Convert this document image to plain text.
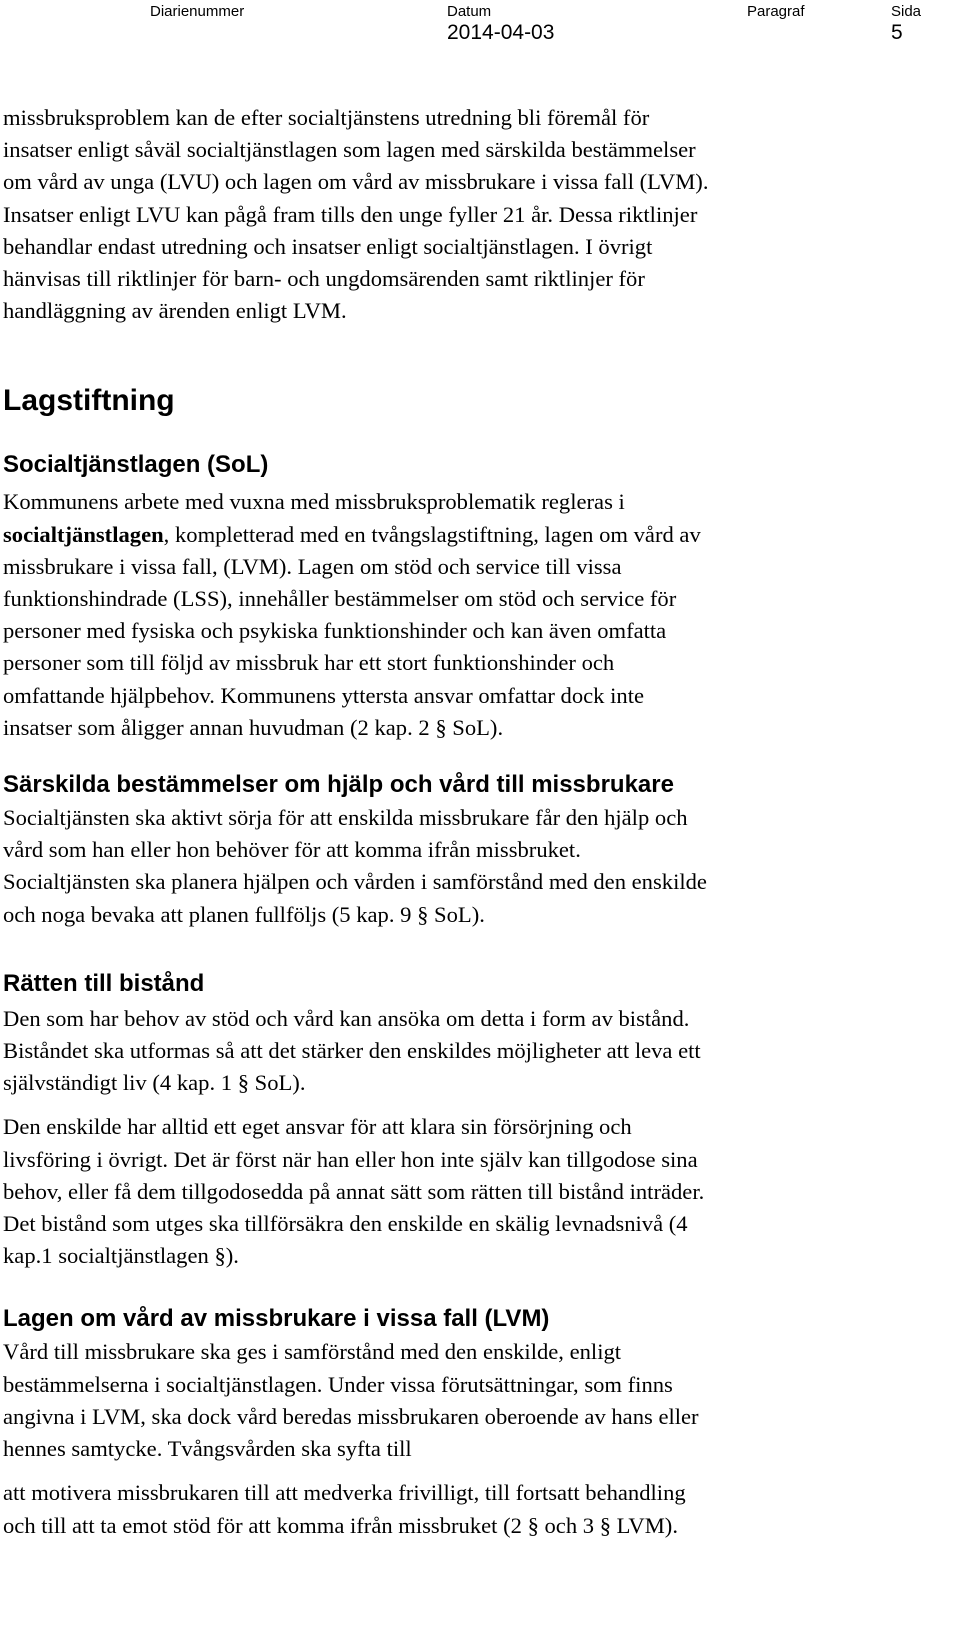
Diarienummer	Datum	Paragraf	Sida
2014-04-03	5

missbruksproblem kan de efter socialtjänstens utredning bli föremål för
insatser enligt såväl socialtjänstlagen som lagen med särskilda bestämmelser
om vård av unga (LVU) och lagen om vård av missbrukare i vissa fall (LVM).
Insatser enligt LVU kan pågå fram tills den unge fyller 21 år. Dessa riktlinjer
behandlar endast utredning och insatser enligt socialtjänstlagen. I övrigt
hänvisas till riktlinjer för barn- och ungdomsärenden samt riktlinjer för
handläggning av ärenden enligt LVM.

Lagstiftning
Socialtjänstlagen (SoL)

Kommunens arbete med vuxna med missbruksproblematik regleras i
socialtjänstlagen, kompletterad med en tvångslagstiftning, lagen om vård av
missbrukare i vissa fall, (LVM). Lagen om stöd och service till vissa
funktionshindrade (LSS), innehåller bestämmelser om stöd och service för
personer med fysiska och psykiska funktionshinder och kan även omfatta
personer som till följd av missbruk har ett stort funktionshinder och
omfattande hjälpbehov. Kommunens yttersta ansvar omfattar dock inte
insatser som åligger annan huvudman (2 kap. 2 § SoL).

Särskilda bestämmelser om hjälp och vård till missbrukare

Socialtjänsten ska aktivt sörja för att enskilda missbrukare får den hjälp och
vård som han eller hon behöver för att komma ifrån missbruket.
Socialtjänsten ska planera hjälpen och vården i samförstånd med den enskilde
och noga bevaka att planen fullföljs (5 kap. 9 § SoL).

Rätten till bistånd

Den som har behov av stöd och vård kan ansöka om detta i form av bistånd.
Biståndet ska utformas så att det stärker den enskildes möjligheter att leva ett
självständigt liv (4 kap. 1 § SoL).

Den enskilde har alltid ett eget ansvar för att klara sin försörjning och
livsföring i övrigt. Det är först när han eller hon inte själv kan tillgodose sina
behov, eller få dem tillgodosedda på annat sätt som rätten till bistånd inträder.
Det bistånd som utges ska tillförsäkra den enskilde en skälig levnadsnivå (4
kap.1 socialtjänstlagen §).

Lagen om vård av missbrukare i vissa fall (LVM)

Vård till missbrukare ska ges i samförstånd med den enskilde, enligt
bestämmelserna i socialtjänstlagen. Under vissa förutsättningar, som finns
angivna i LVM, ska dock vård beredas missbrukaren oberoende av hans eller
hennes samtycke. Tvångsvården ska syfta till

att motivera missbrukaren till att medverka frivilligt, till fortsatt behandling
och till att ta emot stöd för att komma ifrån missbruket (2 § och 3 § LVM).
